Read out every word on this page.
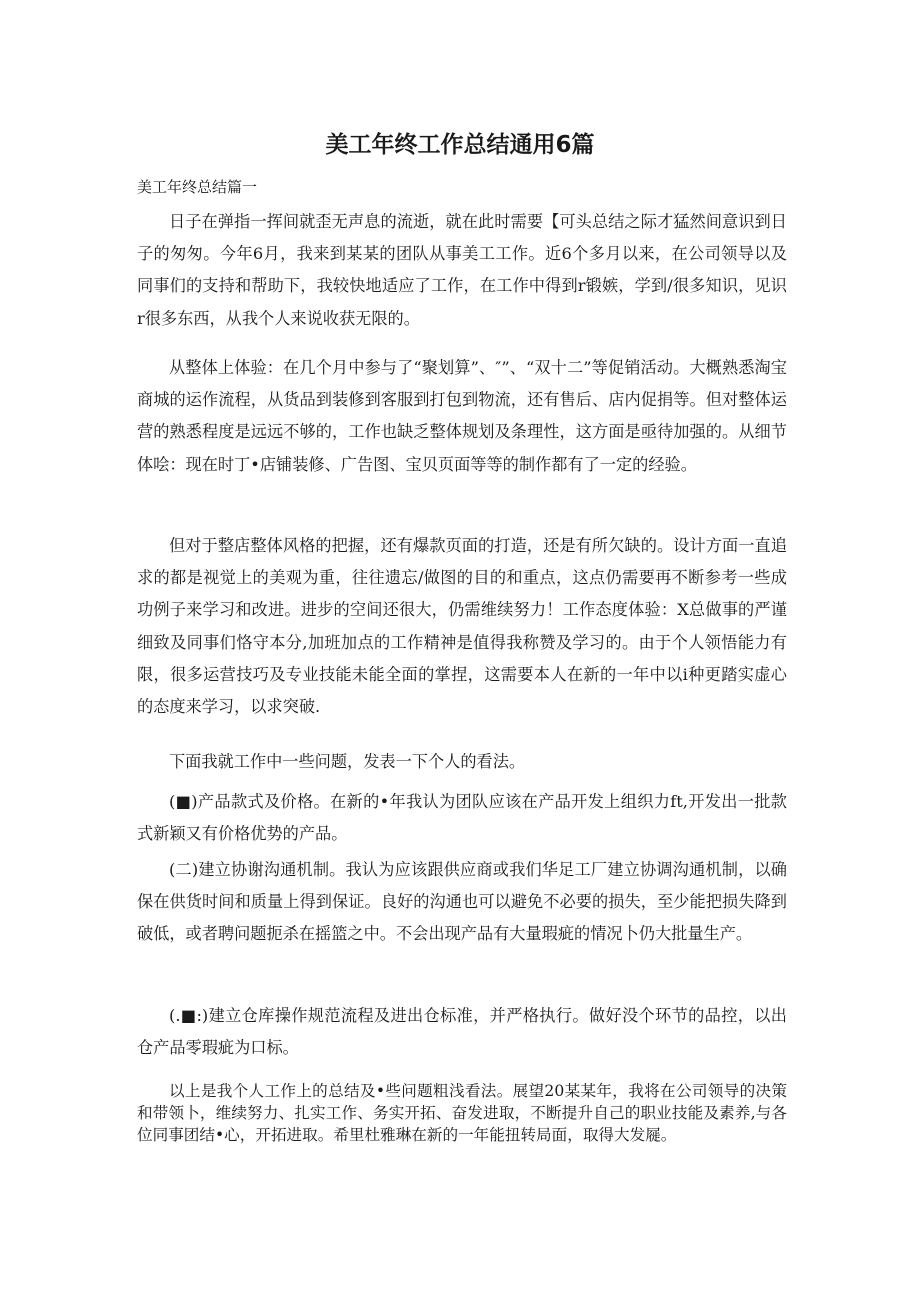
美工年终工作总结通用6篇

美工年终总结篇一

日子在弹指一挥间就歪无声息的流逝，就在此时需要【可头总结之际才猛然间意识到日子的匆匆。今年6月，我来到某某的团队从事美工工作。近6个多月以来，在公司领导以及同事们的支持和帮助下，我较快地适应了工作，在工作中得到r锻嫉，学到/很多知识，见识r很多东西，从我个人来说收获无限的。

从整体上体验：在几个月中参与了“聚划算”、″”、“双十二”等促销活动。大概熟悉淘宝商城的运作流程，从货品到装修到客服到打包到物流，还有售后、店内促捐等。但对整体运营的熟悉程度是远远不够的，工作也缺乏整体规划及条理性，这方面是亟待加强的。从细节体哙：现在时丁•店铺装修、广告图、宝贝页面等等的制作都有了一定的经验。

但对于整店整体风格的把握，还有爆款页面的打造，还是有所欠缺的。设计方面一直追求的都是视觉上的美观为重，往往遗忘/做图的目的和重点，这点仍需要再不断参考一些成功例子来学习和改进。进步的空间还很大，仍需维续努力！工作态度体验：X总做事的严谨细致及同事们恪守本分,加班加点的工作精神是值得我称赞及学习的。由于个人领悟能力有限，很多运营技巧及专业技能未能全面的掌捏，这需要本人在新的一年中以i种更踏实虚心的态度来学习，以求突破.

下面我就工作中一些问题，发表一下个人的看法。

(■)产品款式及价格。在新的•年我认为团队应该在产品开发上组织力ft,开发出一批款式新颖又有价格优势的产品。

(二)建立协谢沟通机制。我认为应该跟供应商或我们华足工厂建立协调沟通机制，以确保在供货时间和质量上得到保证。良好的沟通也可以避免不必要的损失，至少能把损失降到破低，或者聘问题扼杀在摇篮之中。不会出现产品有大量瑕疵的情况卜仍大批量生产。

(.■:)建立仓库操作规范流程及进出仓标准，并严格执行。做好没个环节的品控，以出仓产品零瑕疵为口标。

以上是我个人工作上的总结及•些问题粗浅看法。展望20某某年，我将在公司领导的决策和带领卜，维续努力、扎实工作、务实开拓、奋发进取，不断提升自己的职业技能及素养,与各位同事团结•心，开拓进取。希里杜雅琳在新的一年能扭转局面，取得大发屣。
